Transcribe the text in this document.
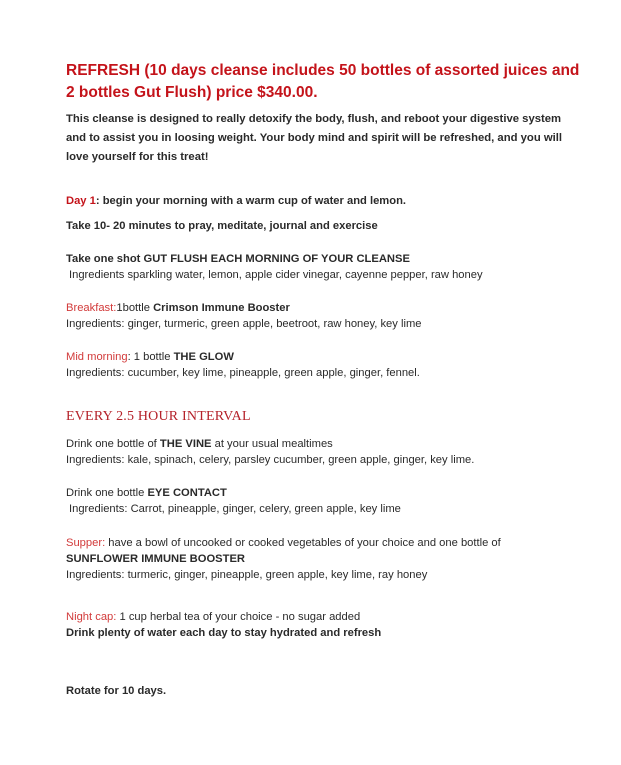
REFRESH (10 days cleanse includes 50 bottles of assorted juices and
2 bottles Gut Flush) price $340.00.
This cleanse is designed to really detoxify the body, flush, and reboot your digestive system
and to assist you in loosing weight. Your body mind and spirit will be refreshed, and you will
love yourself for this treat!
Day 1: begin your morning with a warm cup of water and lemon.
Take 10- 20 minutes to pray, meditate, journal and exercise
Take one shot GUT FLUSH EACH MORNING OF YOUR CLEANSE
Ingredients sparkling water, lemon, apple cider vinegar, cayenne pepper, raw honey
Breakfast:1bottle Crimson Immune Booster
Ingredients: ginger, turmeric, green apple, beetroot, raw honey, key lime
Mid morning: 1 bottle THE GLOW
Ingredients: cucumber, key lime, pineapple, green apple, ginger, fennel.
EVERY 2.5 HOUR INTERVAL
Drink one bottle of THE VINE at your usual mealtimes
Ingredients: kale, spinach, celery, parsley cucumber, green apple, ginger, key lime.
Drink one bottle EYE CONTACT
Ingredients: Carrot, pineapple, ginger, celery, green apple, key lime
Supper: have a bowl of uncooked or cooked vegetables of your choice and one bottle of
SUNFLOWER IMMUNE BOOSTER
Ingredients: turmeric, ginger, pineapple, green apple, key lime, ray honey
Night cap: 1 cup herbal tea of your choice - no sugar added
Drink plenty of water each day to stay hydrated and refresh
Rotate for 10 days.
